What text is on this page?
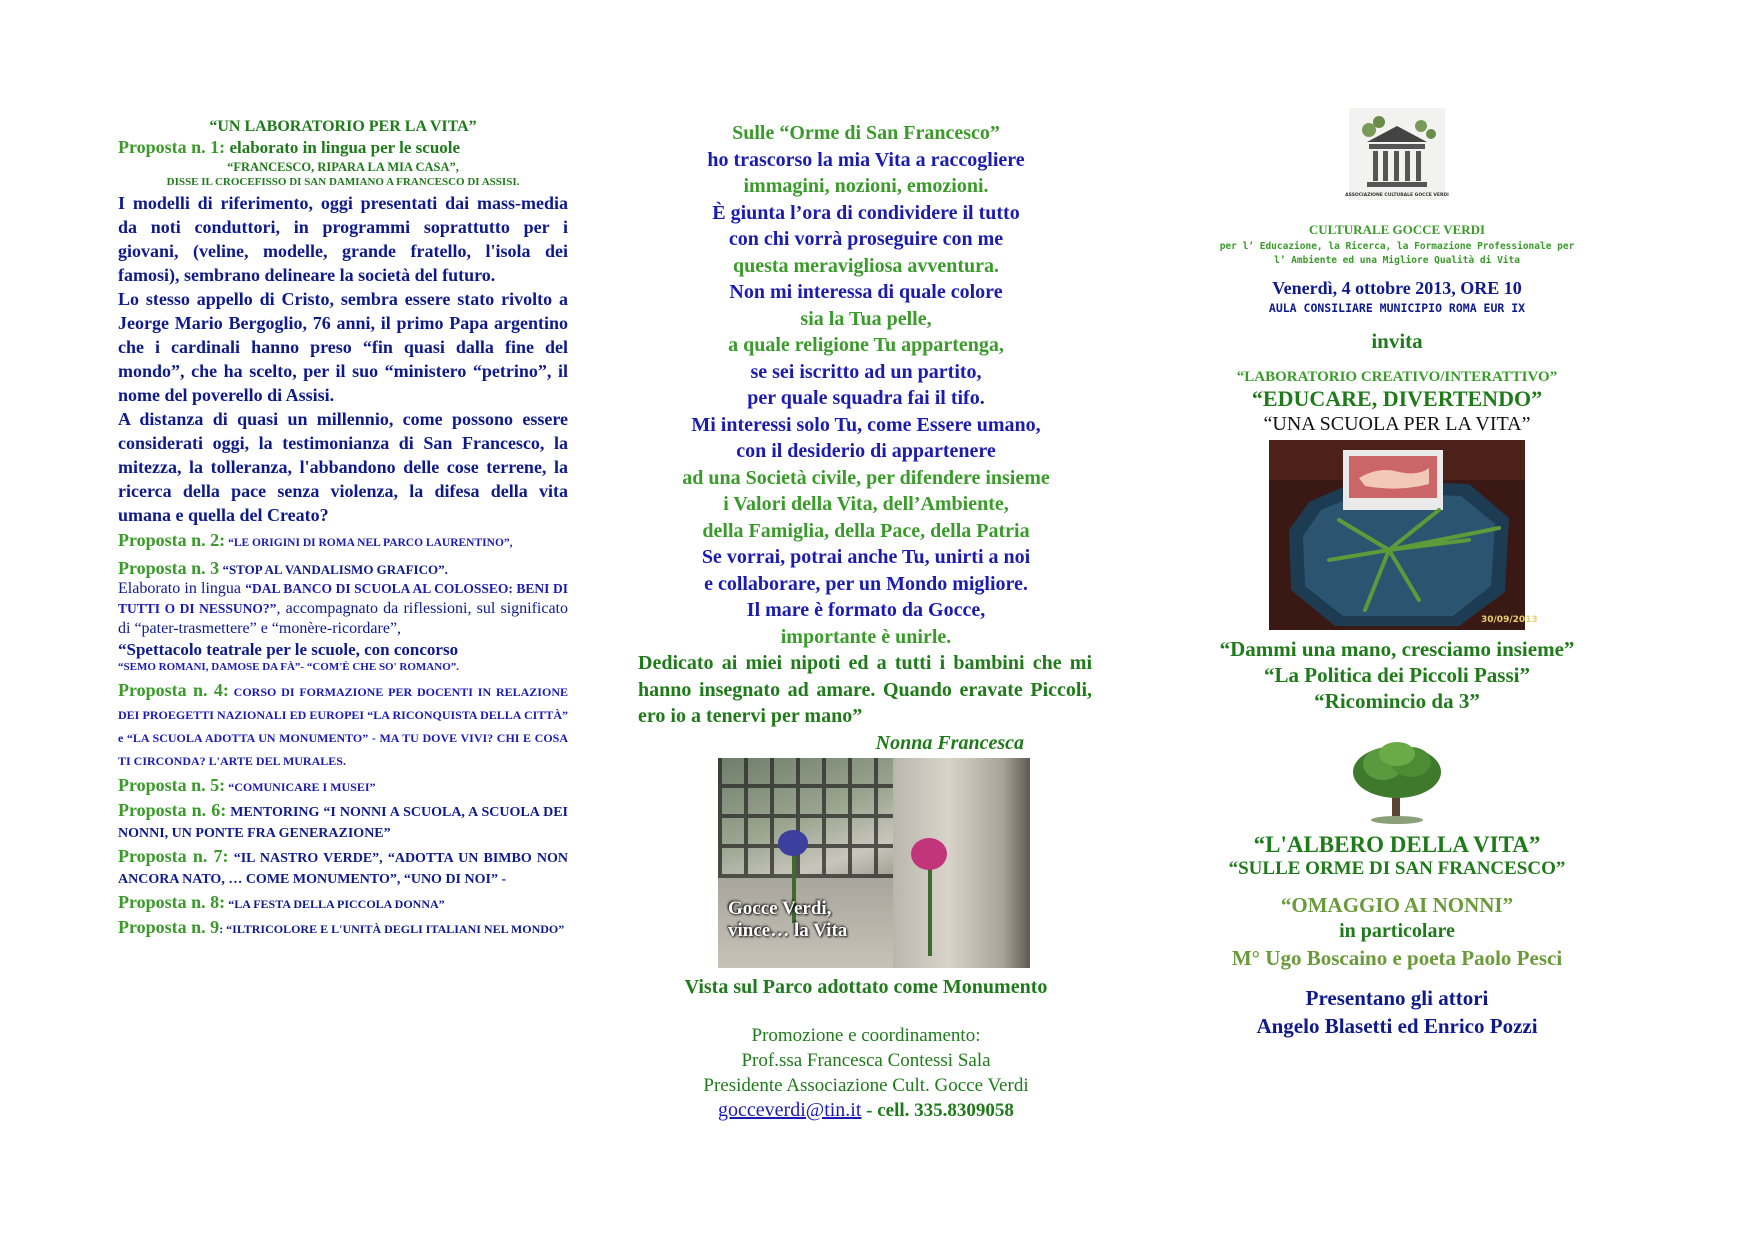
“UN LABORATORIO PER LA VITA”

Proposta n. 1: elaborato in lingua per le scuole

“FRANCESCO, RIPARA LA MIA CASA”,

DISSE IL CROCEFISSO DI SAN DAMIANO A FRANCESCO DI ASSISI.

I modelli di riferimento, oggi presentati dai mass-media da noti conduttori, in programmi soprattutto per i giovani, (veline, modelle, grande fratello, l'isola dei famosi), sembrano delineare la società del futuro.

Lo stesso appello di Cristo, sembra essere stato rivolto a Jeorge Mario Bergoglio, 76 anni, il primo Papa argentino che i cardinali hanno preso “fin quasi dalla fine del mondo”, che ha scelto, per il suo “ministero “petrino”, il nome del poverello di Assisi.

A distanza di quasi un millennio, come possono essere considerati oggi, la testimonianza di San Francesco, la mitezza, la tolleranza, l'abbandono delle cose terrene, la ricerca della pace senza violenza, la difesa della vita umana e quella del Creato?

Proposta n. 2: “LE ORIGINI DI ROMA NEL PARCO LAURENTINO”,

Proposta n. 3 “STOP AL VANDALISMO GRAFICO”.

Elaborato in lingua “DAL BANCO DI SCUOLA AL COLOSSEO: BENI DI TUTTI O DI NESSUNO?”, accompagnato da riflessioni, sul significato di “pater-trasmettere” e “monère-ricordare”,

“Spettacolo teatrale per le scuole, con concorso

“SEMO ROMANI, DAMOSE DA FÀ”- “COM'È CHE SO' ROMANO”.

Proposta n. 4: CORSO DI FORMAZIONE PER DOCENTI IN RELAZIONE DEI PROEGETTI NAZIONALI ED EUROPEI “LA RICONQUISTA DELLA CITTÀ” e “LA SCUOLA ADOTTA UN MONUMENTO” - MA TU DOVE VIVI? CHI E COSA TI CIRCONDA? L'ARTE DEL MURALES.

Proposta n. 5: “COMUNICARE I MUSEI”

Proposta n. 6: MENTORING “I NONNI A SCUOLA, A SCUOLA DEI NONNI, UN PONTE FRA GENERAZIONE”

Proposta n. 7: “IL NASTRO VERDE”, “ADOTTA UN BIMBO NON ANCORA NATO, … COME MONUMENTO”, “UNO DI NOI” -

Proposta n. 8: “LA FESTA DELLA PICCOLA DONNA”

Proposta n. 9: “ILTRICOLORE E L'UNITÀ DEGLI ITALIANI NEL MONDO”

Sulle “Orme di San Francesco”

ho trascorso la mia Vita a raccogliere

immagini, nozioni, emozioni.

È giunta l’ora di condividere il tutto

con chi vorrà proseguire con me

questa meravigliosa avventura.

Non mi interessa di quale colore

sia la Tua pelle,

a quale religione Tu appartenga,

se sei iscritto ad un partito,

per quale squadra fai il tifo.

Mi interessi solo Tu, come Essere umano,

con il desiderio di appartenere

ad una Società civile, per difendere insieme

i Valori della Vita, dell’Ambiente,

della Famiglia, della Pace, della Patria

Se vorrai, potrai anche Tu, unirti a noi

e collaborare, per un Mondo migliore.

Il mare è formato da Gocce,

importante è unirle.

Dedicato ai miei nipoti ed a tutti i bambini che mi hanno insegnato ad amare. Quando eravate Piccoli, ero io a tenervi per mano”

Nonna Francesca

Gocce Verdi,
vince… la Vita

Vista sul Parco adottato come Monumento

Promozione e coordinamento:

Prof.ssa Francesca Contessi Sala

Presidente Associazione Cult. Gocce Verdi

gocceverdi@tin.it - cell. 335.8309058

ASSOCIAZIONE CULTURALE GOCCE VERDI

CULTURALE GOCCE VERDI

per l’ Educazione, la Ricerca, la Formazione Professionale per

l’ Ambiente ed una Migliore Qualità di Vita

Venerdì, 4 ottobre 2013, ORE 10

AULA CONSILIARE MUNICIPIO ROMA EUR IX

invita

“LABORATORIO CREATIVO/INTERATTIVO”

“EDUCARE, DIVERTENDO”

“UNA SCUOLA PER LA VITA”

30/09/2013

“Dammi una mano, cresciamo insieme”

“La Politica dei Piccoli Passi”

“Ricomincio da 3”

“L'ALBERO DELLA VITA”

“SULLE ORME DI SAN FRANCESCO”

“OMAGGIO AI NONNI”

in particolare

M° Ugo Boscaino e poeta Paolo Pesci

Presentano gli attori

Angelo Blasetti ed Enrico Pozzi
